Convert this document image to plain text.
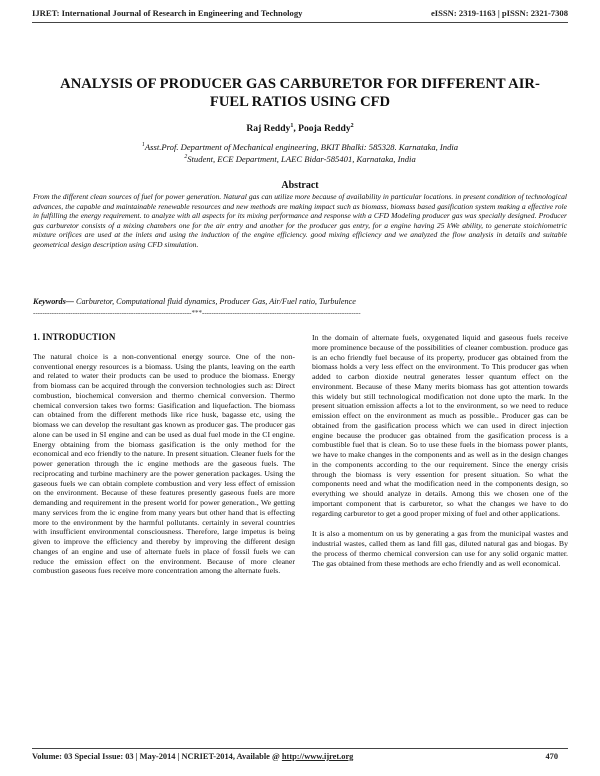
IJRET: International Journal of Research in Engineering and Technology	eISSN: 2319-1163 | pISSN: 2321-7308
ANALYSIS OF PRODUCER GAS CARBURETOR FOR DIFFERENT AIR-
FUEL RATIOS USING CFD
Raj Reddy$^1$, Pooja Reddy$^2$
$^1$Asst.Prof. Department of Mechanical engineering, BKIT Bhalki: 585328. Karnataka, India
$^2$Student, ECE Department, LAEC Bidar-585401, Karnataka, India
Abstract
From the different clean sources of fuel for power generation. Natural gas can utilize more because of availability in particular locations. in present condition of technological advances, the capable and maintainable renewable resources and new methods are making impact such as biomass, biomass based gasification system making a effective role in fulfilling the energy requirement. to analyze with all aspects for its mixing performance and response with a CFD Modeling producer gas was specially designed. Producer gas carburetor consists of a mixing chambers one for the air entry and another for the producer gas entry, for a engine having 25 kWe ability, to generate stoichiometric mixture orifices are used at the inlets and using the induction of the engine efficiency. good mixing efficiency and we analyzed the flow analysis in details and suitable geometrical design description using CFD simulation.
Keywords— Carburetor, Computational fluid dynamics, Producer Gas, Air/Fuel ratio, Turbulence
--------------------------------------------------------------------***--------------------------------------------------------------------
1. INTRODUCTION

The natural choice is a non-conventional energy source. One of the non-conventional energy resources is a biomass. Using the plants, leaving on the earth and related to water their products can be used to produce the biomass. Energy from biomass can be acquired through the conversion technologies such as: Direct combustion, biochemical conversion and thermo chemical conversion. Thermo chemical conversion takes two forms: Gasification and liquefaction. The biomass can obtained from the different methods like rice husk, bagasse etc, using the biomass we can develop the resultant gas known as producer gas. The producer gas alone can be used in SI engine and can be used as dual fuel mode in the CI engine. Energy obtaining from the biomass gasification is the only method for the economical and eco friendly to the nature. In present situation. Cleaner fuels for the power generation through the ic engine methods are the gaseous fuels. The reciprocating and turbine machinery are the power generation packages. Using the gaseous fuels we can obtain complete combustion and very less effect of emission on the environment. Because of these features presently gaseous fuels are more demanding and requirement in the present world for power generation., We getting many services from the ic engine from many years but other hand that is effecting more to the environment by the harmful pollutants. certainly in several countries with insufficient environmental consciousness. Therefore, large impetus is being given to improve the efficiency and thereby by improving the different design changes of an engine and use of alternate fuels in place of fossil fuels we can reduce the emission effect on the environment. Because of more cleaner combustion gaseous fues receive more concentration among the alternate fuels.

In the domain of alternate fuels, oxygenated liquid and gaseous fuels receive more prominence because of the possibilities of cleaner combustion. produce gas is an echo friendly fuel because of its property, producer gas obtained from the biomass holds a very less effect on the environment. To This producer gas when added to carbon dioxide neutral generates lesser quantum effect on the environment. Because of these Many merits biomass has got attention towards this widely but still technological modification not done upto the mark. In the present situation emission affects a lot to the environment, so we need to reduce emission effect on the environment as much as possible.. Producer gas can be obtained from the gasification process which we can used in direct injection engine because the producer gas obtained from the gasification process is a combustible fuel that is clean. So to use these fuels in the biomass power plants, we have to make changes in the components and as well as in the design changes in the components according to the our requirement. Since the energy crisis through the biomass is very essention for present situation. So what the components need and what the modification need in the components design, so everything we should analyze in details. Among this we chosen one of the important component that is carburetor, so what the changes we have to do regarding carburetor to get a good proper mixing of fuel and other applications.

It is also a momentum on us by generating a gas from the municipal wastes and industrial wastes, called them as land fill gas, diluted natural gas and biogas. By the process of thermo chemical conversion can use for any solid organic matter. The gas obtained from these methods are echo friendly and as well economical.

Volume: 03 Special Issue: 03 | May-2014 | NCRIET-2014, Available @ http://www.ijret.org	470
